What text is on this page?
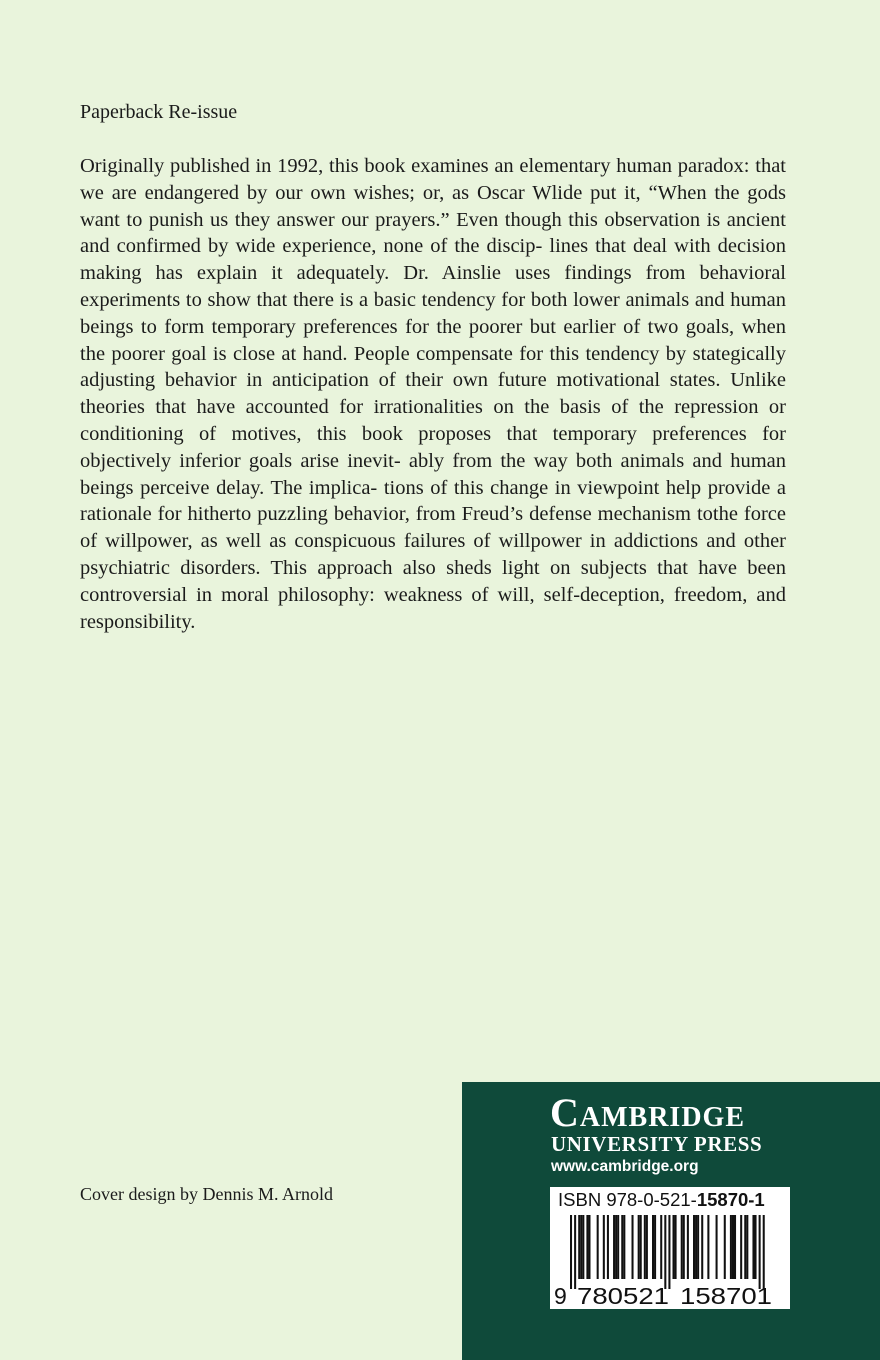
Paperback Re-issue

Originally published in 1992, this book examines an elementary human paradox: that we are endangered by our own wishes; or, as Oscar Wlide put it, “When the gods want to punish us they answer our prayers.” Even though this observation is ancient and confirmed by wide experience, none of the discip- lines that deal with decision making has explain it adequately. Dr. Ainslie uses findings from behavioral experiments to show that there is a basic tendency for both lower animals and human beings to form temporary preferences for the poorer but earlier of two goals, when the poorer goal is close at hand. People compensate for this tendency by stategically adjusting behavior in anticipation of their own future motivational states. Unlike theories that have accounted for irrationalities on the basis of the repression or conditioning of motives, this book proposes that temporary preferences for objectively inferior goals arise inevit- ably from the way both animals and human beings perceive delay. The implica- tions of this change in viewpoint help provide a rationale for hitherto puzzling behavior, from Freud’s defense mechanism tothe force of willpower, as well as conspicuous failures of willpower in addictions and other psychiatric disorders. This approach also sheds light on subjects that have been controversial in moral philosophy: weakness of will, self-deception, freedom, and responsibility.

Cover design by Dennis M. Arnold

Cambridge

UNIVERSITY PRESS

www.cambridge.org

ISBN 978-0-521-15870-1

9 780521 158701
